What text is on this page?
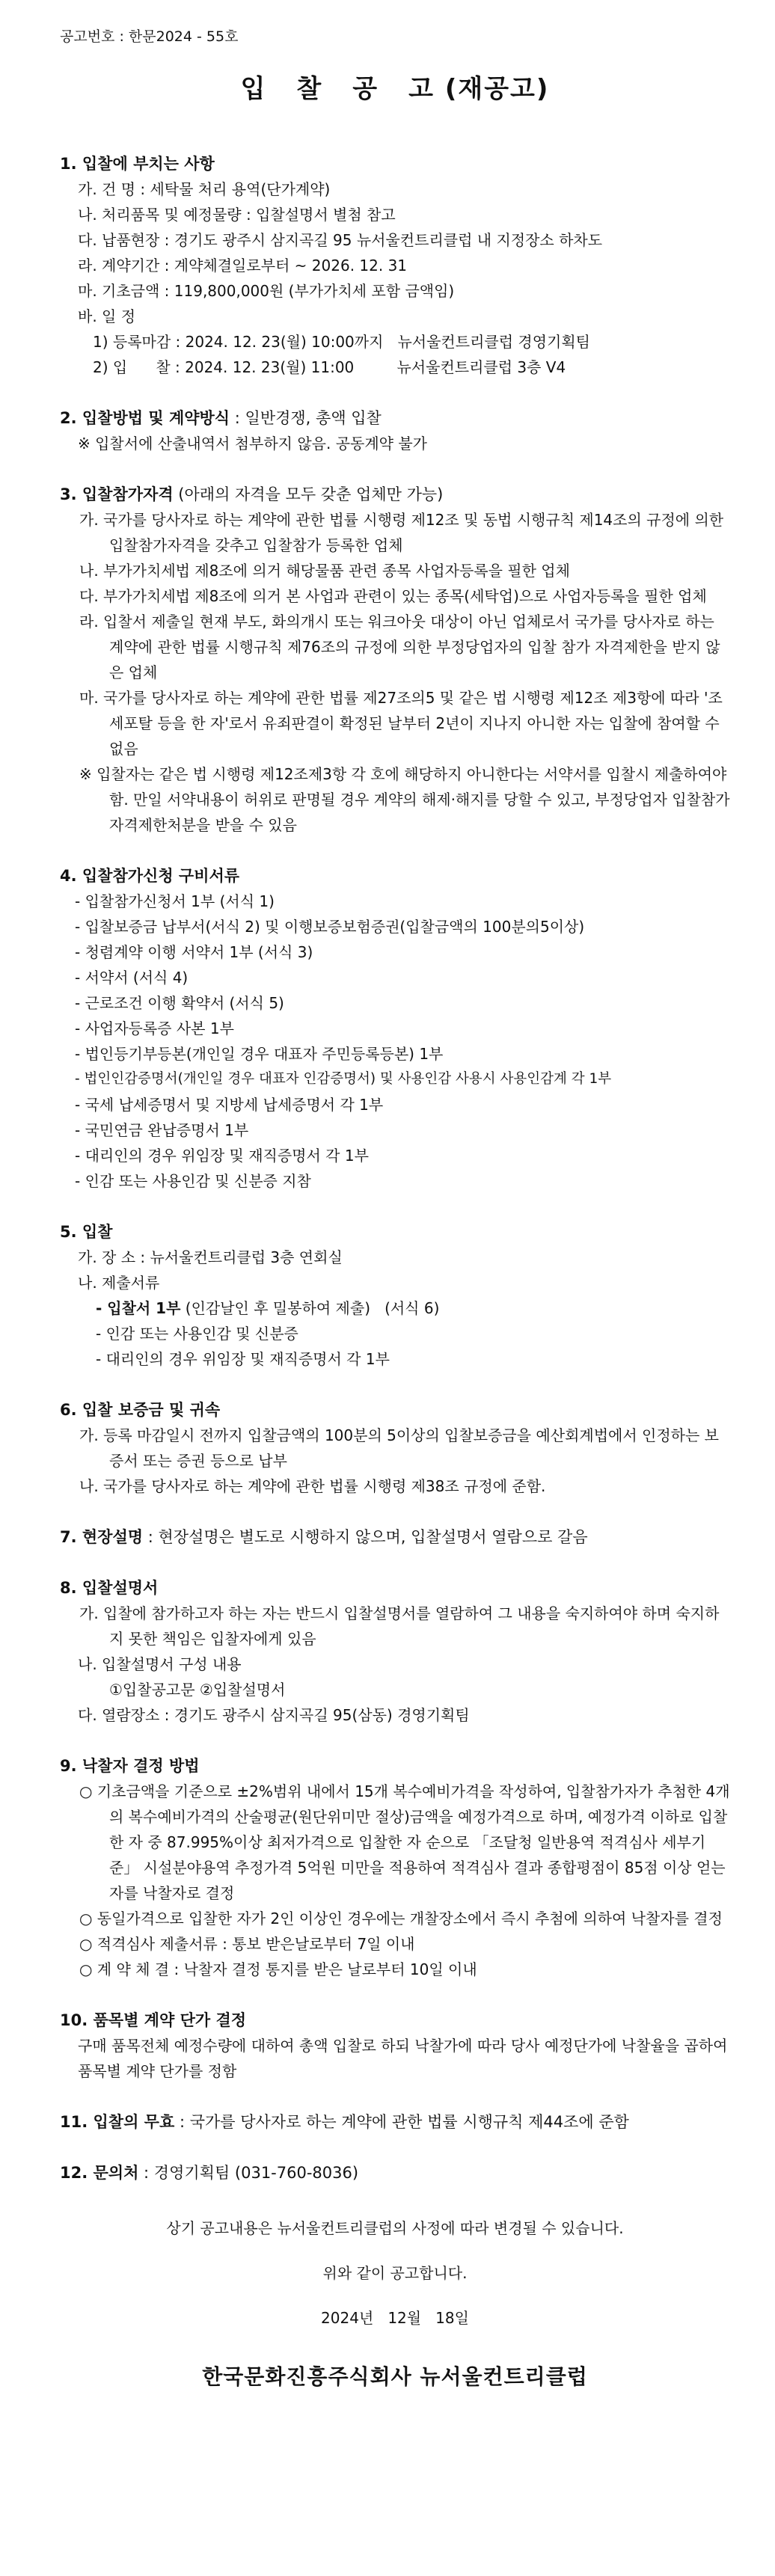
공고번호 : 한문2024 - 55호
입 찰 공 고 (재공고)
1. 입찰에 부치는 사항
가. 건 명 : 세탁물 처리 용역(단가계약)
나. 처리품목 및 예정물량 : 입찰설명서 별첨 참고
다. 납품현장 : 경기도 광주시 삼지곡길 95 뉴서울컨트리클럽 내 지정장소 하차도
라. 계약기간 : 계약체결일로부터 ~ 2026. 12. 31
마. 기초금액 : 119,800,000원 (부가가치세 포함 금액임)
바. 일 정
1) 등록마감 : 2024. 12. 23(월) 10:00까지   뉴서울컨트리클럽 경영기획팀
2) 입      찰 : 2024. 12. 23(월) 11:00         뉴서울컨트리클럽 3층 V4
2. 입찰방법 및 계약방식 : 일반경쟁, 총액 입찰
※ 입찰서에 산출내역서 첨부하지 않음. 공동계약 불가
3. 입찰참가자격 (아래의 자격을 모두 갖춘 업체만 가능)
가. 국가를 당사자로 하는 계약에 관한 법률 시행령 제12조 및 동법 시행규칙 제14조의 규정에 의한 입찰참가자격을 갖추고 입찰참가 등록한 업체
나. 부가가치세법 제8조에 의거 해당물품 관련 종목 사업자등록을 필한 업체
다. 부가가치세법 제8조에 의거 본 사업과 관련이 있는 종목(세탁업)으로 사업자등록을 필한 업체
라. 입찰서 제출일 현재 부도, 화의개시 또는 워크아웃 대상이 아닌 업체로서 국가를 당사자로 하는 계약에 관한 법률 시행규칙 제76조의 규정에 의한 부정당업자의 입찰 참가 자격제한을 받지 않은 업체
마. 국가를 당사자로 하는 계약에 관한 법률 제27조의5 및 같은 법 시행령 제12조 제3항에 따라 '조세포탈 등을 한 자'로서 유죄판결이 확정된 날부터 2년이 지나지 아니한 자는 입찰에 참여할 수 없음
※ 입찰자는 같은 법 시행령 제12조제3항 각 호에 해당하지 아니한다는 서약서를 입찰시 제출하여야 함. 만일 서약내용이 허위로 판명될 경우 계약의 해제·해지를 당할 수 있고, 부정당업자 입찰참가자격제한처분을 받을 수 있음
4. 입찰참가신청 구비서류
- 입찰참가신청서 1부 (서식 1)
- 입찰보증금 납부서(서식 2) 및 이행보증보험증권(입찰금액의 100분의5이상)
- 청렴계약 이행 서약서 1부 (서식 3)
- 서약서 (서식 4)
- 근로조건 이행 확약서 (서식 5)
- 사업자등록증 사본 1부
- 법인등기부등본(개인일 경우 대표자 주민등록등본) 1부
- 법인인감증명서(개인일 경우 대표자 인감증명서) 및 사용인감 사용시 사용인감계 각 1부
- 국세 납세증명서 및 지방세 납세증명서 각 1부
- 국민연금 완납증명서 1부
- 대리인의 경우 위임장 및 재직증명서 각 1부
- 인감 또는 사용인감 및 신분증 지참
5. 입찰
가. 장 소 : 뉴서울컨트리클럽 3층 연회실
나. 제출서류
- 입찰서 1부 (인감날인 후 밀봉하여 제출)   (서식 6)
- 인감 또는 사용인감 및 신분증
- 대리인의 경우 위임장 및 재직증명서 각 1부
6. 입찰 보증금 및 귀속
가. 등록 마감일시 전까지 입찰금액의 100분의 5이상의 입찰보증금을 예산회계법에서 인정하는 보증서 또는 증권 등으로 납부
나. 국가를 당사자로 하는 계약에 관한 법률 시행령 제38조 규정에 준함.
7. 현장설명 : 현장설명은 별도로 시행하지 않으며, 입찰설명서 열람으로 갈음
8. 입찰설명서
가. 입찰에 참가하고자 하는 자는 반드시 입찰설명서를 열람하여 그 내용을 숙지하여야 하며 숙지하지 못한 책임은 입찰자에게 있음
나. 입찰설명서 구성 내용
①입찰공고문 ②입찰설명서
다. 열람장소 : 경기도 광주시 삼지곡길 95(삼동) 경영기획팀
9. 낙찰자 결정 방법
○ 기초금액을 기준으로 ±2%범위 내에서 15개 복수예비가격을 작성하여, 입찰참가자가 추첨한 4개의 복수예비가격의 산술평균(원단위미만 절상)금액을 예정가격으로 하며, 예정가격 이하로 입찰한 자 중 87.995%이상 최저가격으로 입찰한 자 순으로 「조달청 일반용역 적격심사 세부기준」 시설분야용역 추정가격 5억원 미만을 적용하여 적격심사 결과 종합평점이 85점 이상 얻는자를 낙찰자로 결정
○ 동일가격으로 입찰한 자가 2인 이상인 경우에는 개찰장소에서 즉시 추첨에 의하여 낙찰자를 결정
○ 적격심사 제출서류 : 통보 받은날로부터 7일 이내
○ 계 약 체 결 : 낙찰자 결정 통지를 받은 날로부터 10일 이내
10. 품목별 계약 단가 결정
구매 품목전체 예정수량에 대하여 총액 입찰로 하되 낙찰가에 따라 당사 예정단가에 낙찰율을 곱하여 품목별 계약 단가를 정함
11. 입찰의 무효 : 국가를 당사자로 하는 계약에 관한 법률 시행규칙 제44조에 준함
12. 문의처 : 경영기획팀 (031-760-8036)
상기 공고내용은 뉴서울컨트리클럽의 사정에 따라 변경될 수 있습니다.
위와 같이 공고합니다.
2024년   12월   18일
한국문화진흥주식회사 뉴서울컨트리클럽
